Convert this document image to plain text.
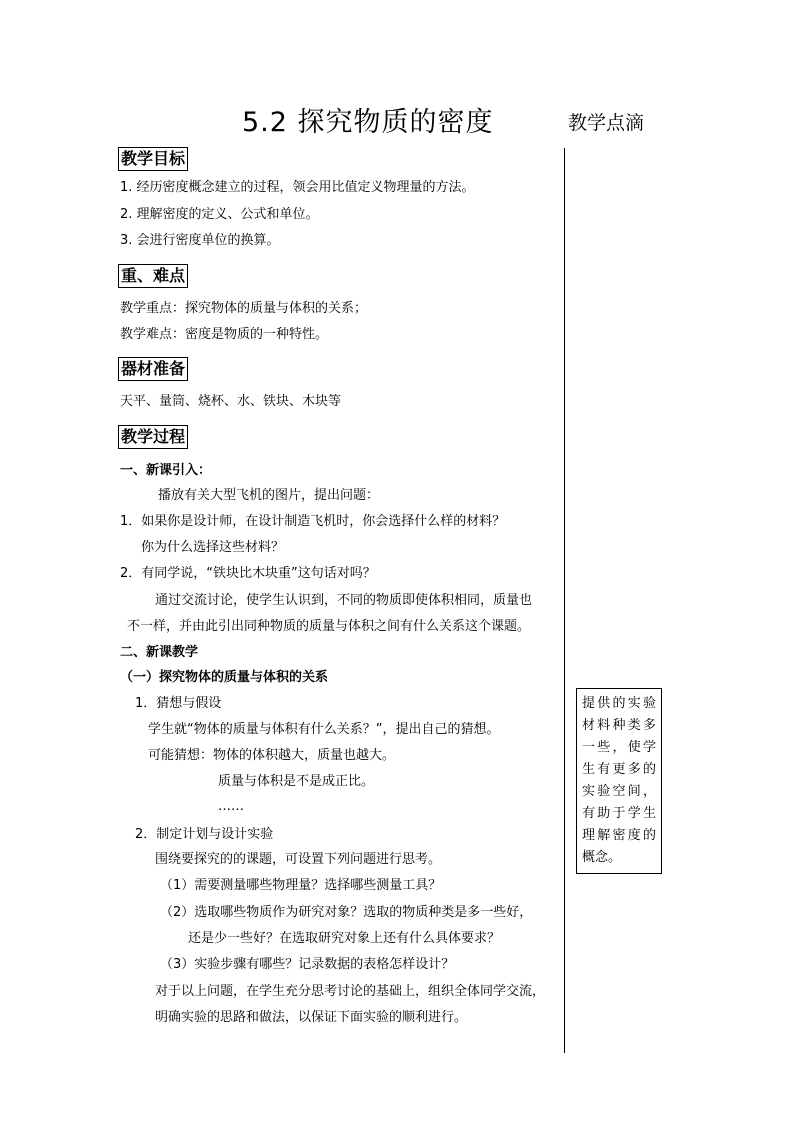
5.2 探究物质的密度	教学点滴
教学目标
1. 经历密度概念建立的过程，领会用比值定义物理量的方法。
2. 理解密度的定义、公式和单位。
3. 会进行密度单位的换算。
重、难点
教学重点：探究物体的质量与体积的关系；
教学难点：密度是物质的一种特性。
器材准备
天平、量筒、烧杯、水、铁块、木块等
教学过程
一、新课引入：
播放有关大型飞机的图片，提出问题：
1．如果你是设计师，在设计制造飞机时，你会选择什么样的材料？
你为什么选择这些材料？
2．有同学说，“铁块比木块重”这句话对吗？
通过交流讨论，使学生认识到，不同的物质即使体积相同，质量也
不一样，并由此引出同种物质的质量与体积之间有什么关系这个课题。
二、新课教学
（一）探究物体的质量与体积的关系
1．猜想与假设
学生就“物体的质量与体积有什么关系？”，提出自己的猜想。
可能猜想：物体的体积越大，质量也越大。
质量与体积是不是成正比。
……
2．制定计划与设计实验
围绕要探究的的课题，可设置下列问题进行思考。
（1）需要测量哪些物理量？选择哪些测量工具？
（2）选取哪些物质作为研究对象？选取的物质种类是多一些好，
还是少一些好？在选取研究对象上还有什么具体要求？
（3）实验步骤有哪些？记录数据的表格怎样设计？
对于以上问题，在学生充分思考讨论的基础上，组织全体同学交流，
明确实验的思路和做法，以保证下面实验的顺利进行。
提供的实验材料种类多一些，使学生有更多的实验空间，有助于学生理解密度的概念。
